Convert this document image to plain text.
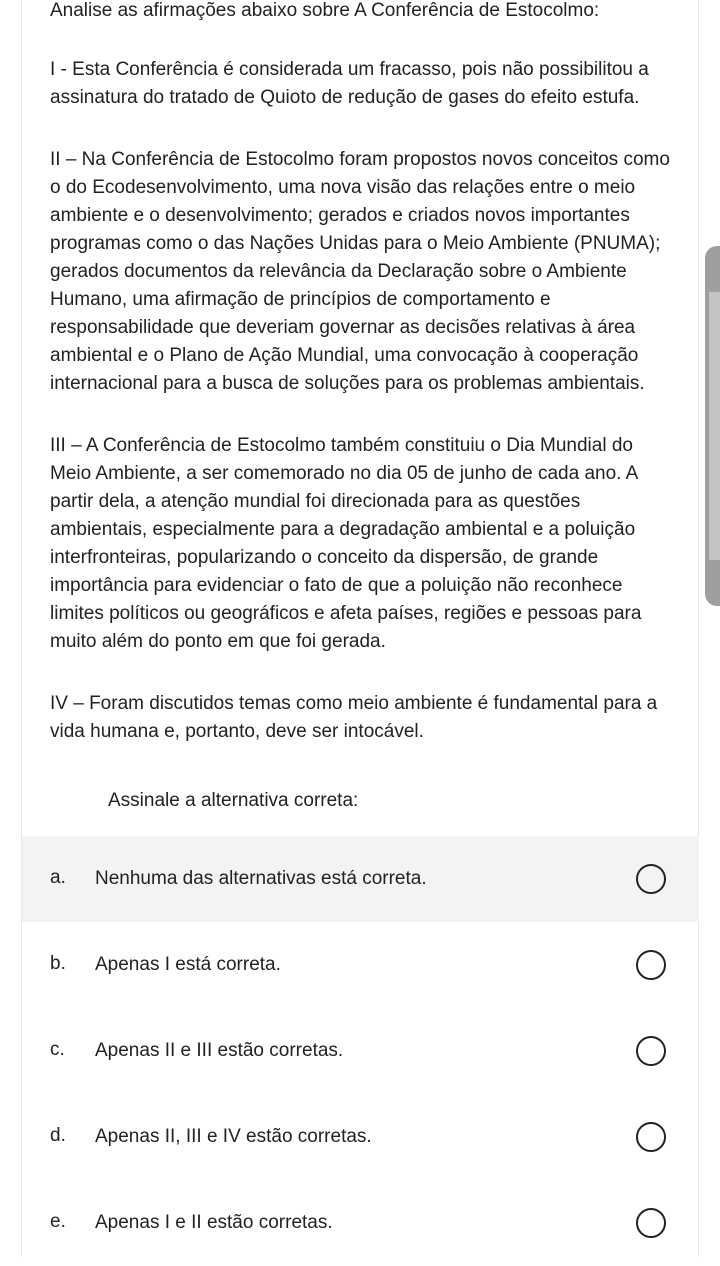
Analise as afirmações abaixo sobre A Conferência de Estocolmo:

I - Esta Conferência é considerada um fracasso, pois não possibilitou a assinatura do tratado de Quioto de redução de gases do efeito estufa.

II – Na Conferência de Estocolmo foram propostos novos conceitos como o do Ecodesenvolvimento, uma nova visão das relações entre o meio ambiente e o desenvolvimento; gerados e criados novos importantes programas como o das Nações Unidas para o Meio Ambiente (PNUMA); gerados documentos da relevância da Declaração sobre o Ambiente Humano, uma afirmação de princípios de comportamento e responsabilidade que deveriam governar as decisões relativas à área ambiental e o Plano de Ação Mundial, uma convocação à cooperação internacional para a busca de soluções para os problemas ambientais.

III – A Conferência de Estocolmo também constituiu o Dia Mundial do Meio Ambiente, a ser comemorado no dia 05 de junho de cada ano. A partir dela, a atenção mundial foi direcionada para as questões ambientais, especialmente para a degradação ambiental e a poluição interfronteiras, popularizando o conceito da dispersão, de grande importância para evidenciar o fato de que a poluição não reconhece limites políticos ou geográficos e afeta países, regiões e pessoas para muito além do ponto em que foi gerada.

IV – Foram discutidos temas como meio ambiente é fundamental para a vida humana e, portanto, deve ser intocável.

Assinale a alternativa correta:
a. Nenhuma das alternativas está correta.
b. Apenas I está correta.
c. Apenas II e III estão corretas.
d. Apenas II, III e IV estão corretas.
e. Apenas I e II estão corretas.
